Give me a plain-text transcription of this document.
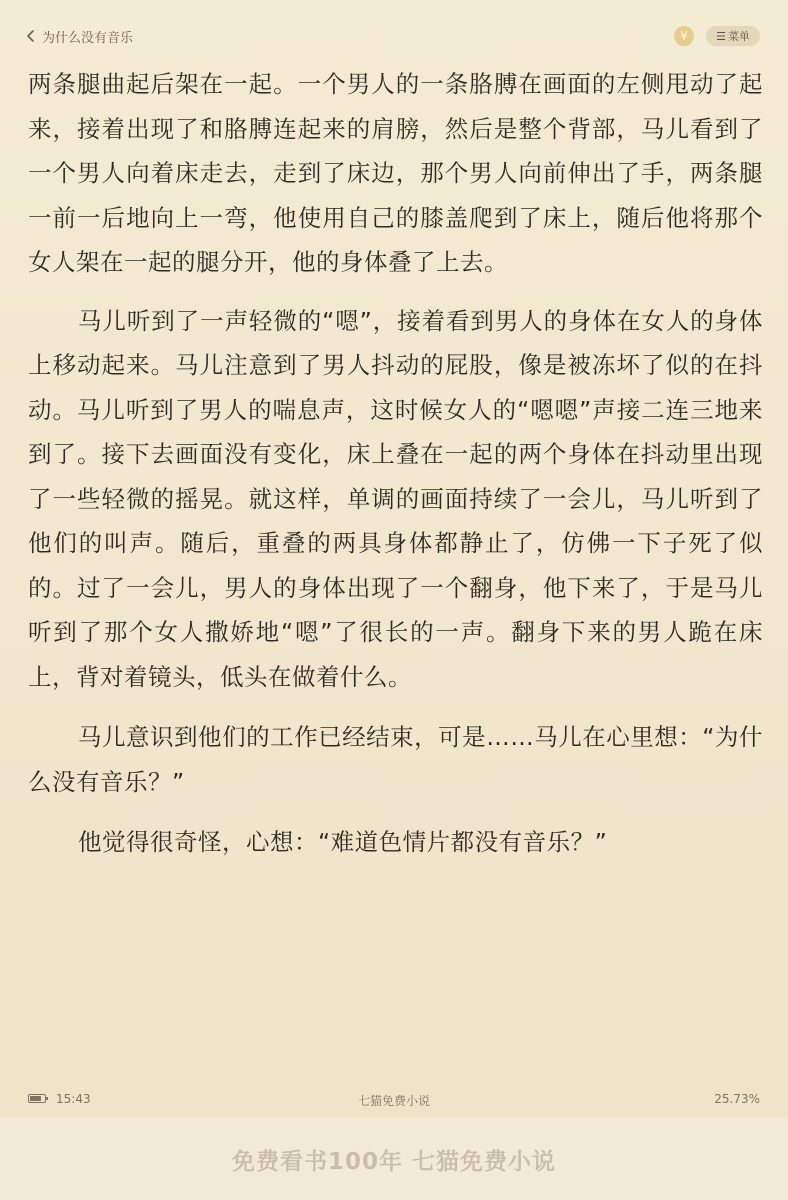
为什么没有音乐	¥	☰ 菜单

两条腿曲起后架在一起。一个男人的一条胳膊在画面的左侧甩动了起来，接着出现了和胳膊连起来的肩膀，然后是整个背部，马儿看到了一个男人向着床走去，走到了床边，那个男人向前伸出了手，两条腿一前一后地向上一弯，他使用自己的膝盖爬到了床上，随后他将那个女人架在一起的腿分开，他的身体叠了上去。

马儿听到了一声轻微的“嗯”，接着看到男人的身体在女人的身体上移动起来。马儿注意到了男人抖动的屁股，像是被冻坏了似的在抖动。马儿听到了男人的喘息声，这时候女人的“嗯嗯”声接二连三地来到了。接下去画面没有变化，床上叠在一起的两个身体在抖动里出现了一些轻微的摇晃。就这样，单调的画面持续了一会儿，马儿听到了他们的叫声。随后，重叠的两具身体都静止了，仿佛一下子死了似的。过了一会儿，男人的身体出现了一个翻身，他下来了，于是马儿听到了那个女人撒娇地“嗯”了很长的一声。翻身下来的男人跪在床上，背对着镜头，低头在做着什么。

马儿意识到他们的工作已经结束，可是……马儿在心里想：“为什么没有音乐？”

他觉得很奇怪，心想：“难道色情片都没有音乐？”

15:43	七猫免费小说	25.73%
免费看书100年 七猫免费小说
